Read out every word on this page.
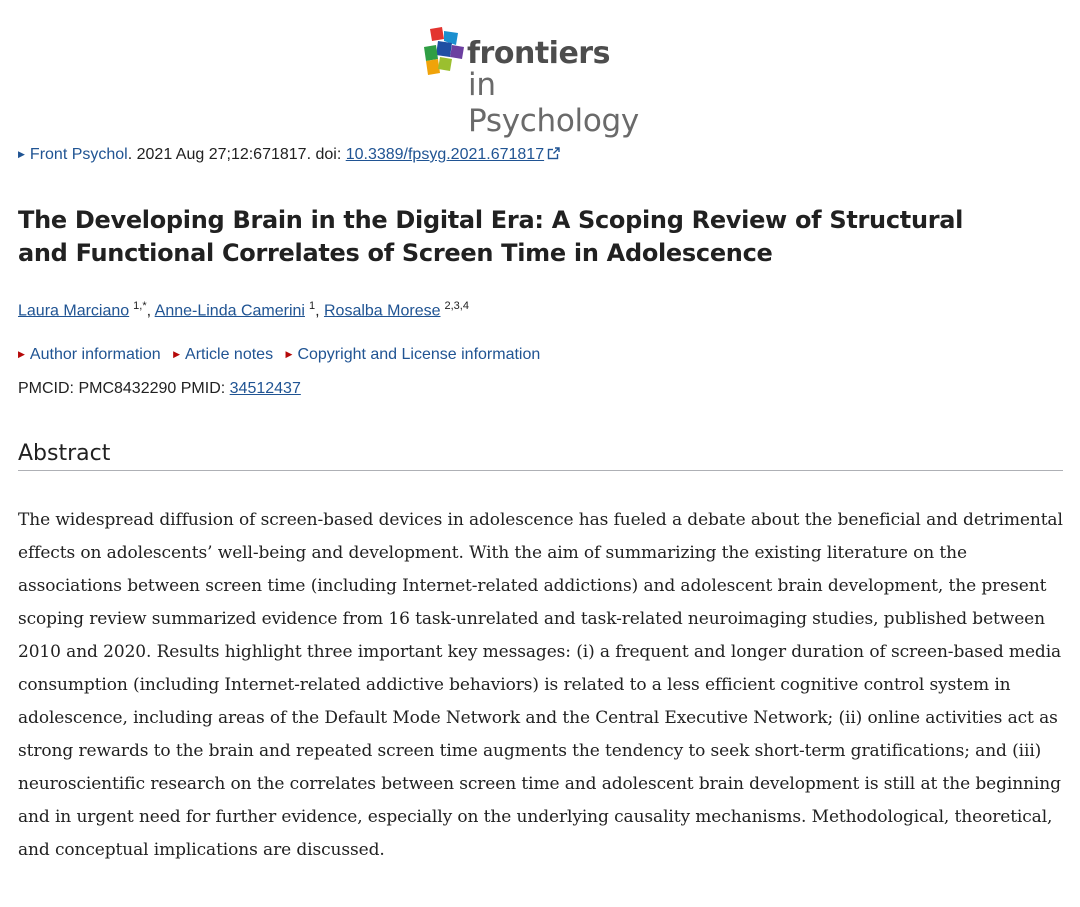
frontiers
in Psychology
▶ Front Psychol. 2021 Aug 27;12:671817. doi: 10.3389/fpsyg.2021.671817
The Developing Brain in the Digital Era: A Scoping Review of Structural and Functional Correlates of Screen Time in Adolescence
Laura Marciano $^{1,*}$, Anne-Linda Camerini $^1$, Rosalba Morese $^{2,3,4}$
▶ Author information ▶ Article notes ▶ Copyright and License information
PMCID: PMC8432290 PMID: 34512437
Abstract

The widespread diffusion of screen-based devices in adolescence has fueled a debate about the beneficial and detrimental effects on adolescents’ well-being and development. With the aim of summarizing the existing literature on the associations between screen time (including Internet-related addictions) and adolescent brain development, the present scoping review summarized evidence from 16 task-unrelated and task-related neuroimaging studies, published between 2010 and 2020. Results highlight three important key messages: (i) a frequent and longer duration of screen-based media consumption (including Internet-related addictive behaviors) is related to a less efficient cognitive control system in adolescence, including areas of the Default Mode Network and the Central Executive Network; (ii) online activities act as strong rewards to the brain and repeated screen time augments the tendency to seek short-term gratifications; and (iii) neuroscientific research on the correlates between screen time and adolescent brain development is still at the beginning and in urgent need for further evidence, especially on the underlying causality mechanisms. Methodological, theoretical, and conceptual implications are discussed.
